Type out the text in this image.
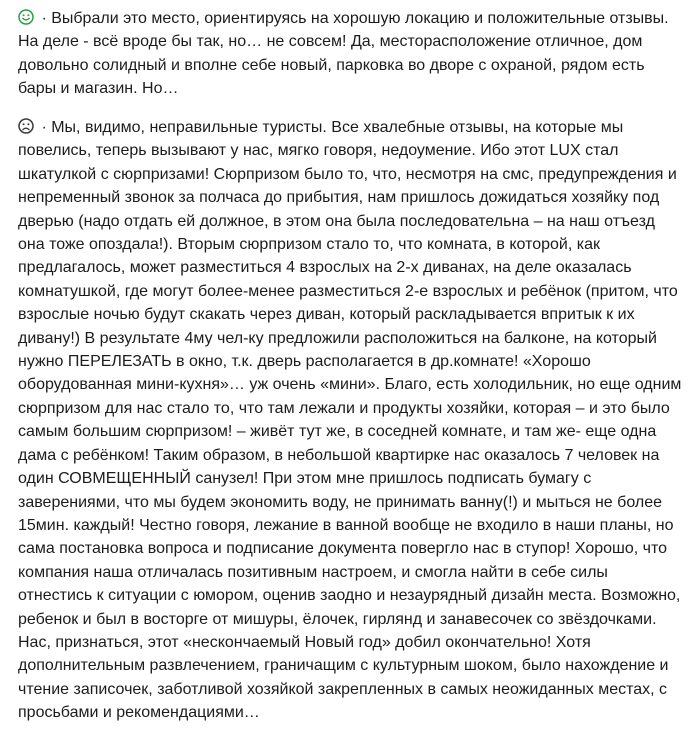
· Выбрали это место, ориентируясь на хорошую локацию и положительные отзывы. На деле - всё вроде бы так, но… не совсем! Да, месторасположение отличное, дом довольно солидный и вполне себе новый, парковка во дворе с охраной, рядом есть бары и магазин. Но…

· Мы, видимо, неправильные туристы. Все хвалебные отзывы, на которые мы повелись, теперь вызывают у нас, мягко говоря, недоумение. Ибо этот LUX стал шкатулкой с сюрпризами! Сюрпризом было то, что, несмотря на смс, предупреждения и непременный звонок за полчаса до прибытия, нам пришлось дожидаться хозяйку под дверью (надо отдать ей должное, в этом она была последовательна – на наш отъезд она тоже опоздала!). Вторым сюрпризом стало то, что комната, в которой, как предлагалось, может разместиться 4 взрослых на 2-х диванах, на деле оказалась комнатушкой, где могут более-менее разместиться 2-е взрослых и ребёнок (притом, что взрослые ночью будут скакать через диван, который раскладывается впритык к их дивану!) В результате 4му чел-ку предложили расположиться на балконе, на который нужно ПЕРЕЛЕЗАТЬ в окно, т.к. дверь располагается в др.комнате! «Хорошо оборудованная мини-кухня»… уж очень «мини». Благо, есть холодильник, но еще одним сюрпризом для нас стало то, что там лежали и продукты хозяйки, которая – и это было самым большим сюрпризом! – живёт тут же, в соседней комнате, и там же- еще одна дама с ребёнком! Таким образом, в небольшой квартирке нас оказалось 7 человек на один СОВМЕЩЕННЫЙ санузел! При этом мне пришлось подписать бумагу с заверениями, что мы будем экономить воду, не принимать ванну(!) и мыться не более 15мин. каждый! Честно говоря, лежание в ванной вообще не входило в наши планы, но сама постановка вопроса и подписание документа повергло нас в ступор! Хорошо, что компания наша отличалась позитивным настроем, и смогла найти в себе силы отнестись к ситуации с юмором, оценив заодно и незаурядный дизайн места. Возможно, ребенок и был в восторге от мишуры, ёлочек, гирлянд и занавесочек со звёздочками. Нас, признаться, этот «нескончаемый Новый год» добил окончательно! Хотя дополнительным развлечением, граничащим с культурным шоком, было нахождение и чтение записочек, заботливой хозяйкой закрепленных в самых неожиданных местах, с просьбами и рекомендациями…
